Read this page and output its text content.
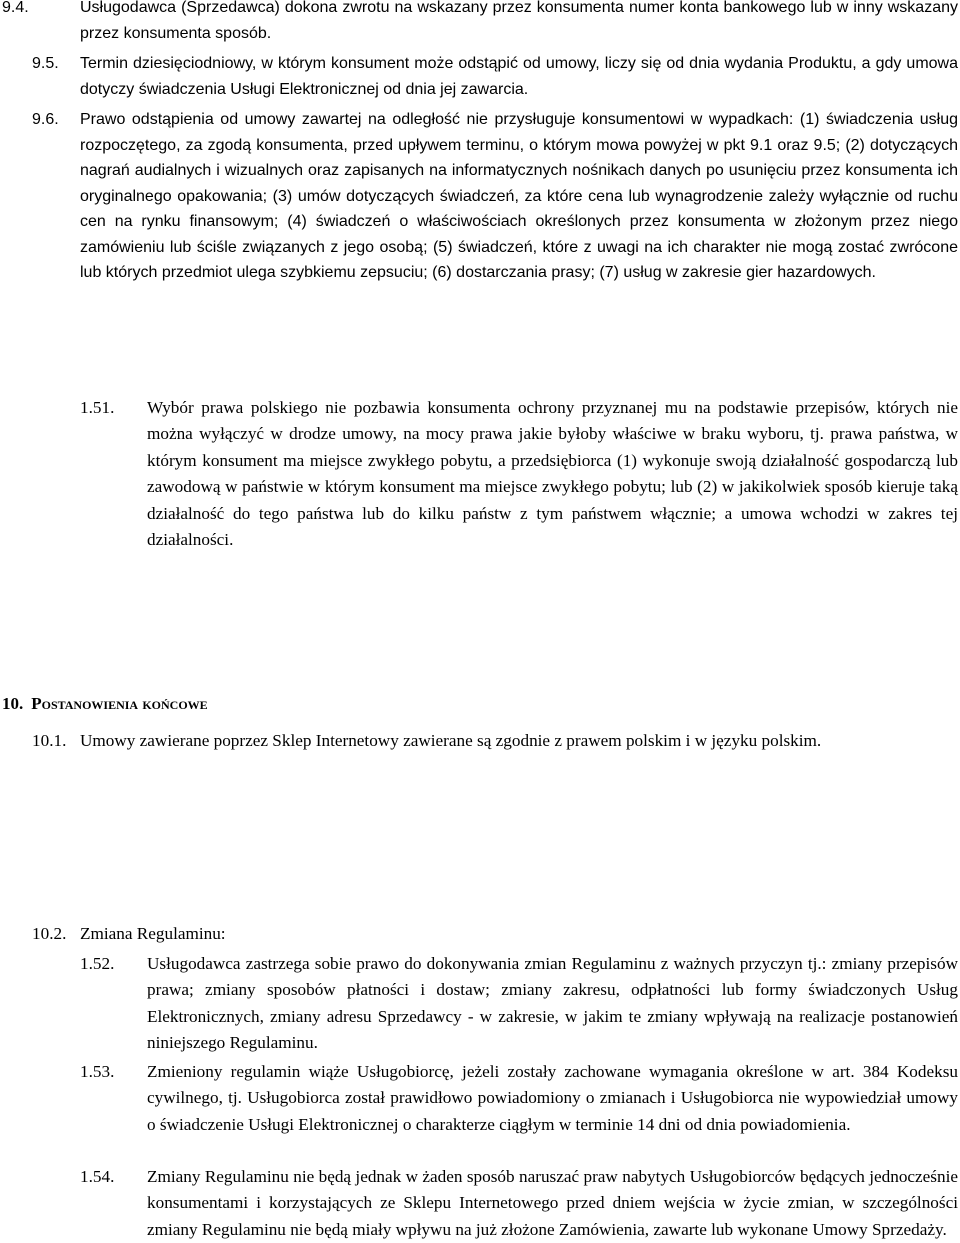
9.4.	Usługodawca (Sprzedawca) dokona zwrotu na wskazany przez konsumenta numer konta bankowego lub w inny wskazany przez konsumenta sposób.
9.5. Termin dziesięciodniowy, w którym konsument może odstąpić od umowy, liczy się od dnia wydania Produktu, a gdy umowa dotyczy świadczenia Usługi Elektronicznej od dnia jej zawarcia.
9.6. Prawo odstąpienia od umowy zawartej na odległość nie przysługuje konsumentowi w wypadkach: (1) świadczenia usług rozpoczętego, za zgodą konsumenta, przed upływem terminu, o którym mowa powyżej w pkt 9.1 oraz 9.5; (2) dotyczących nagrań audialnych i wizualnych oraz zapisanych na informatycznych nośnikach danych po usunięciu przez konsumenta ich oryginalnego opakowania; (3) umów dotyczących świadczeń, za które cena lub wynagrodzenie zależy wyłącznie od ruchu cen na rynku finansowym; (4) świadczeń o właściwościach określonych przez konsumenta w złożonym przez niego zamówieniu lub ściśle związanych z jego osobą; (5) świadczeń, które z uwagi na ich charakter nie mogą zostać zwrócone lub których przedmiot ulega szybkiemu zepsuciu; (6) dostarczania prasy; (7) usług w zakresie gier hazardowych.
10. Postanowienia końcowe
10.1. Umowy zawierane poprzez Sklep Internetowy zawierane są zgodnie z prawem polskim i w języku polskim.
1.51. Wybór prawa polskiego nie pozbawia konsumenta ochrony przyznanej mu na podstawie przepisów, których nie można wyłączyć w drodze umowy, na mocy prawa jakie byłoby właściwe w braku wyboru, tj. prawa państwa, w którym konsument ma miejsce zwykłego pobytu, a przedsiębiorca (1) wykonuje swoją działalność gospodarczą lub zawodową w państwie w którym konsument ma miejsce zwykłego pobytu; lub (2) w jakikolwiek sposób kieruje taką działalność do tego państwa lub do kilku państw z tym państwem włącznie; a umowa wchodzi w zakres tej działalności.
10.2. Zmiana Regulaminu:
1.52. Usługodawca zastrzega sobie prawo do dokonywania zmian Regulaminu z ważnych przyczyn tj.: zmiany przepisów prawa; zmiany sposobów płatności i dostaw; zmiany zakresu, odpłatności lub formy świadczonych Usług Elektronicznych, zmiany adresu Sprzedawcy - w zakresie, w jakim te zmiany wpływają na realizacje postanowień niniejszego Regulaminu.
1.53. Zmieniony regulamin wiąże Usługobiorcę, jeżeli zostały zachowane wymagania określone w art. 384 Kodeksu cywilnego, tj. Usługobiorca został prawidłowo powiadomiony o zmianach i Usługobiorca nie wypowiedział umowy o świadczenie Usługi Elektronicznej o charakterze ciągłym w terminie 14 dni od dnia powiadomienia.
1.54. Zmiany Regulaminu nie będą jednak w żaden sposób naruszać praw nabytych Usługobiorców będących jednocześnie konsumentami i korzystających ze Sklepu Internetowego przed dniem wejścia w życie zmian, w szczególności zmiany Regulaminu nie będą miały wpływu na już złożone Zamówienia, zawarte lub wykonane Umowy Sprzedaży.
